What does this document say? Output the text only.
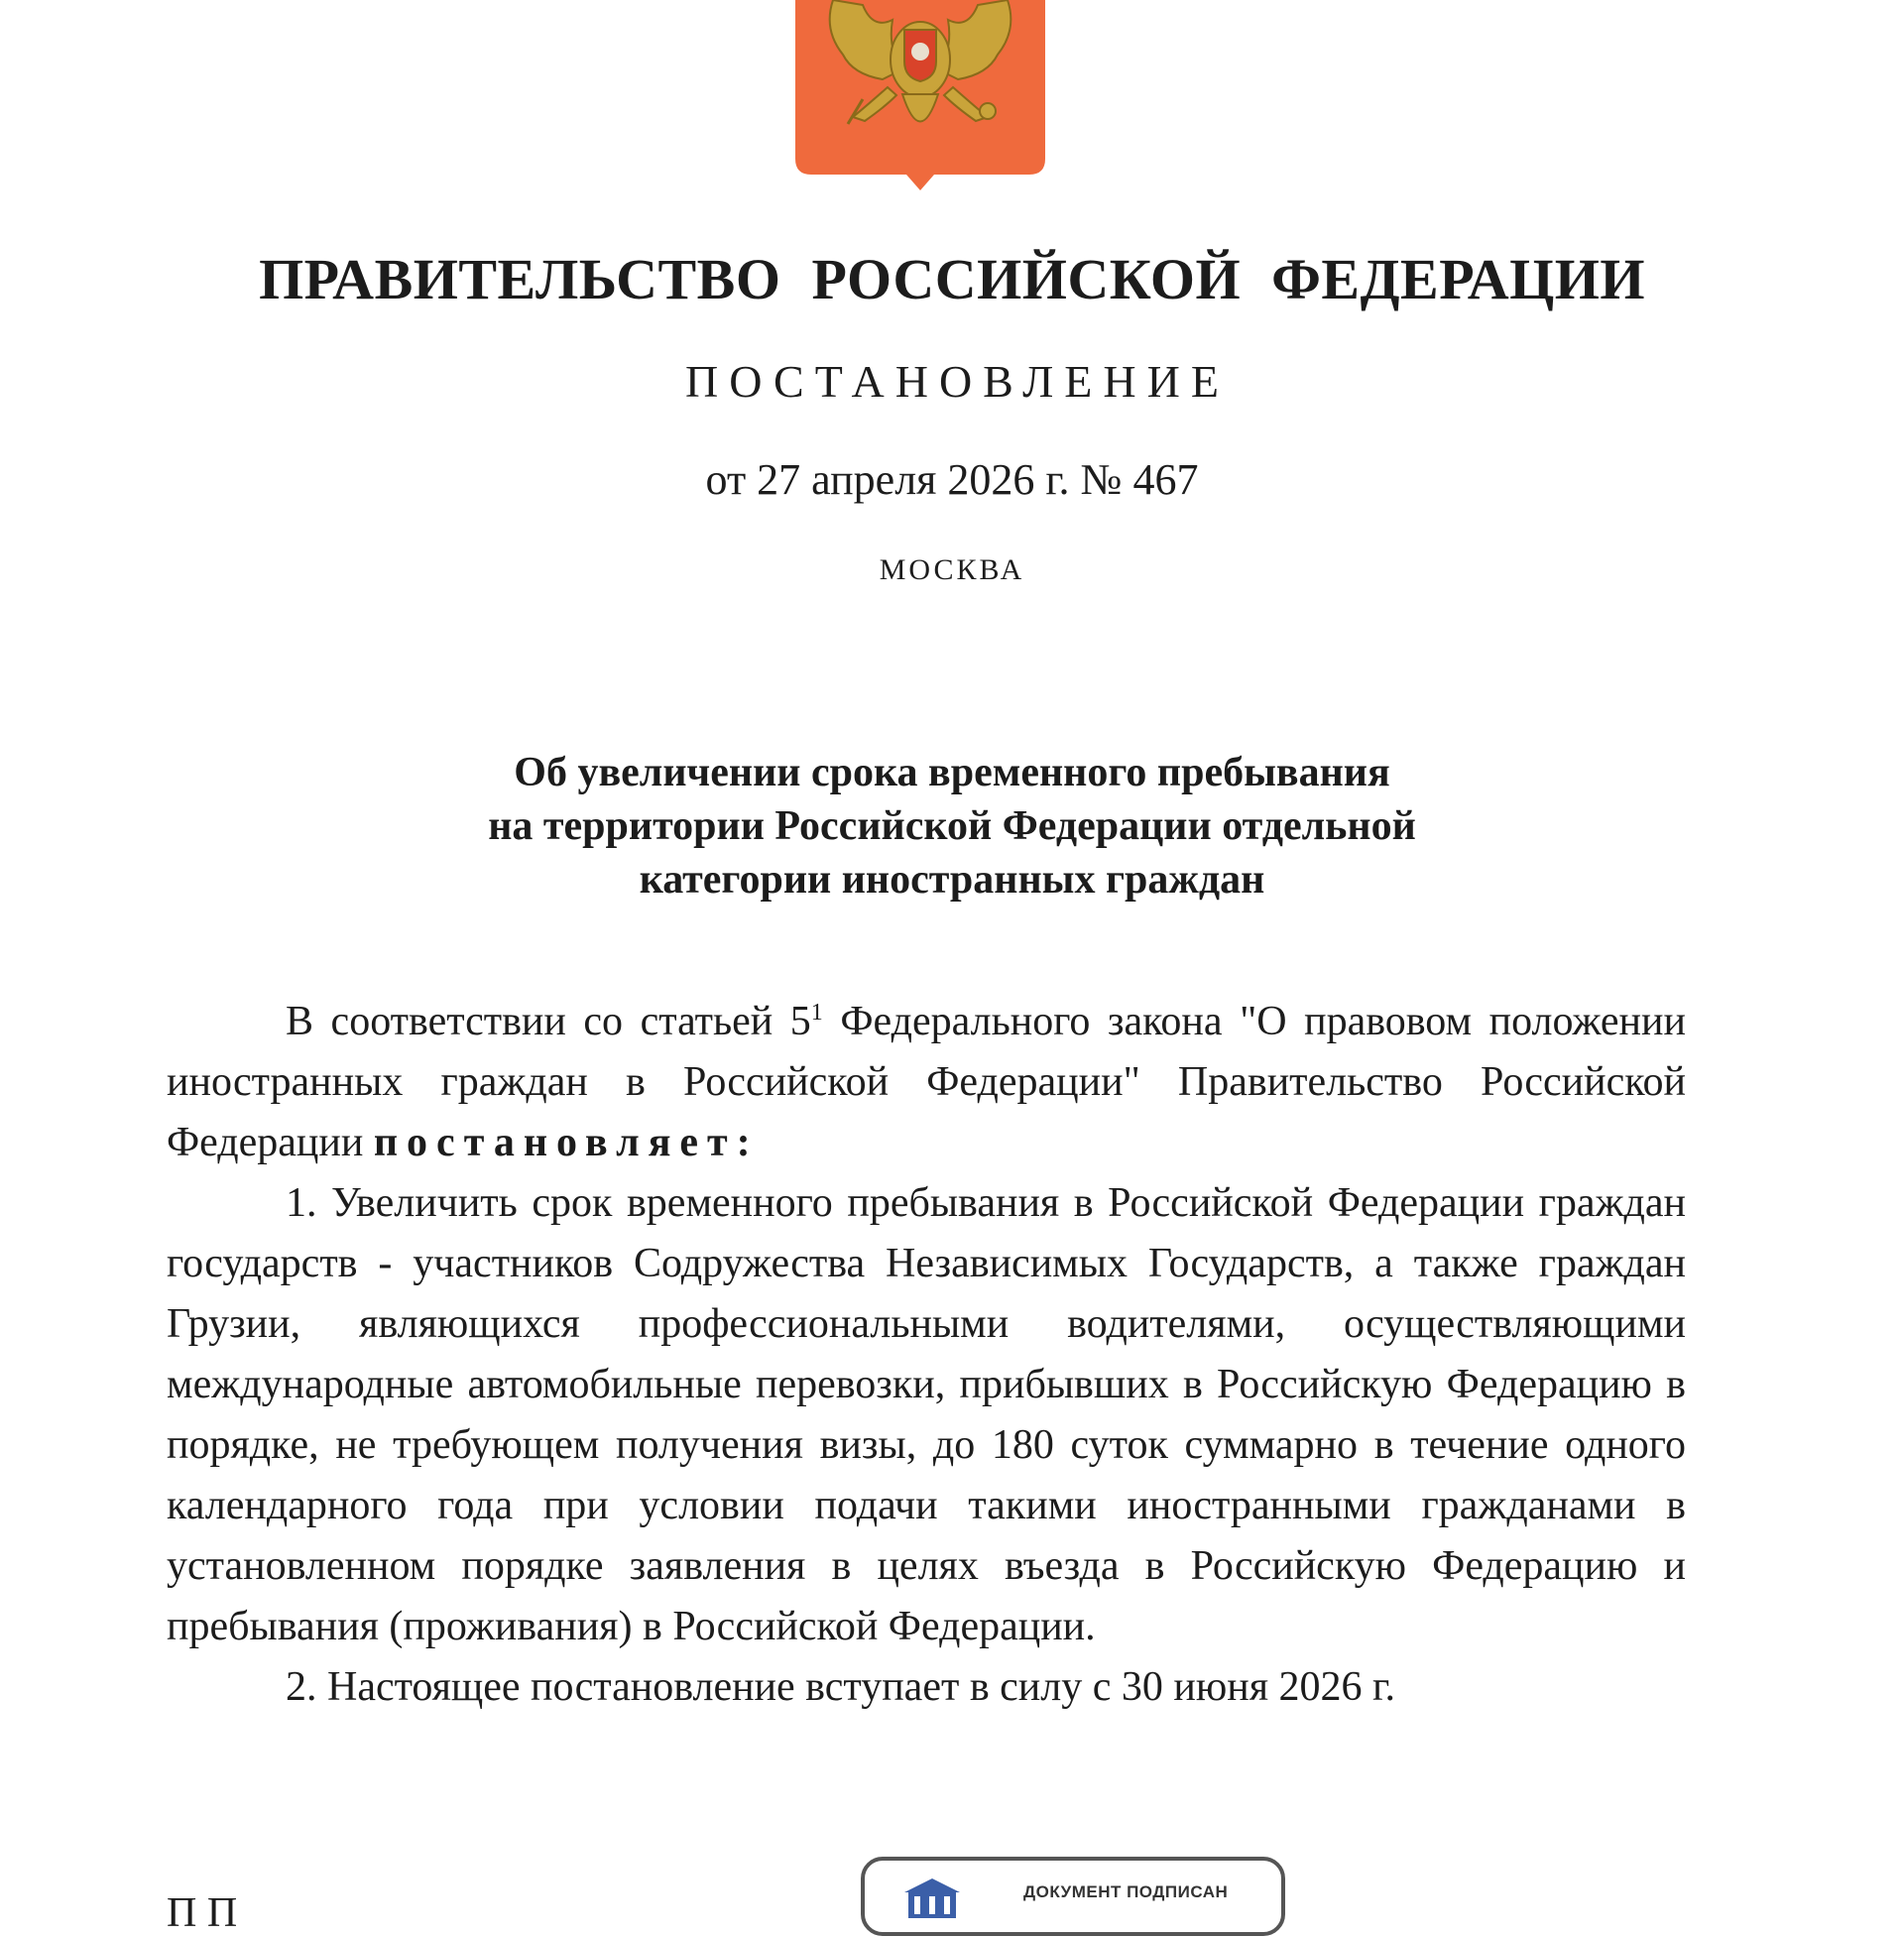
ПРАВИТЕЛЬСТВО РОССИЙСКОЙ ФЕДЕРАЦИИ
ПОСТАНОВЛЕНИЕ
от 27 апреля 2026 г. № 467
МОСКВА
Об увеличении срока временного пребывания
на территории Российской Федерации отдельной
категории иностранных граждан

В соответствии со статьей $5^1$ Федерального закона "О правовом положении иностранных граждан в Российской Федерации" Правительство Российской Федерации постановляет:

1. Увеличить срок временного пребывания в Российской Федерации граждан государств - участников Содружества Независимых Государств, а также граждан Грузии, являющихся профессиональными водителями, осуществляющими международные автомобильные перевозки, прибывших в Российскую Федерацию в порядке, не требующем получения визы, до 180 суток суммарно в течение одного календарного года при условии подачи такими иностранными гражданами в установленном порядке заявления в целях въезда в Российскую Федерацию и пребывания (проживания) в Российской Федерации.

2. Настоящее постановление вступает в силу с 30 июня 2026 г.

П П	ДОКУМЕНТ ПОДПИСАН
